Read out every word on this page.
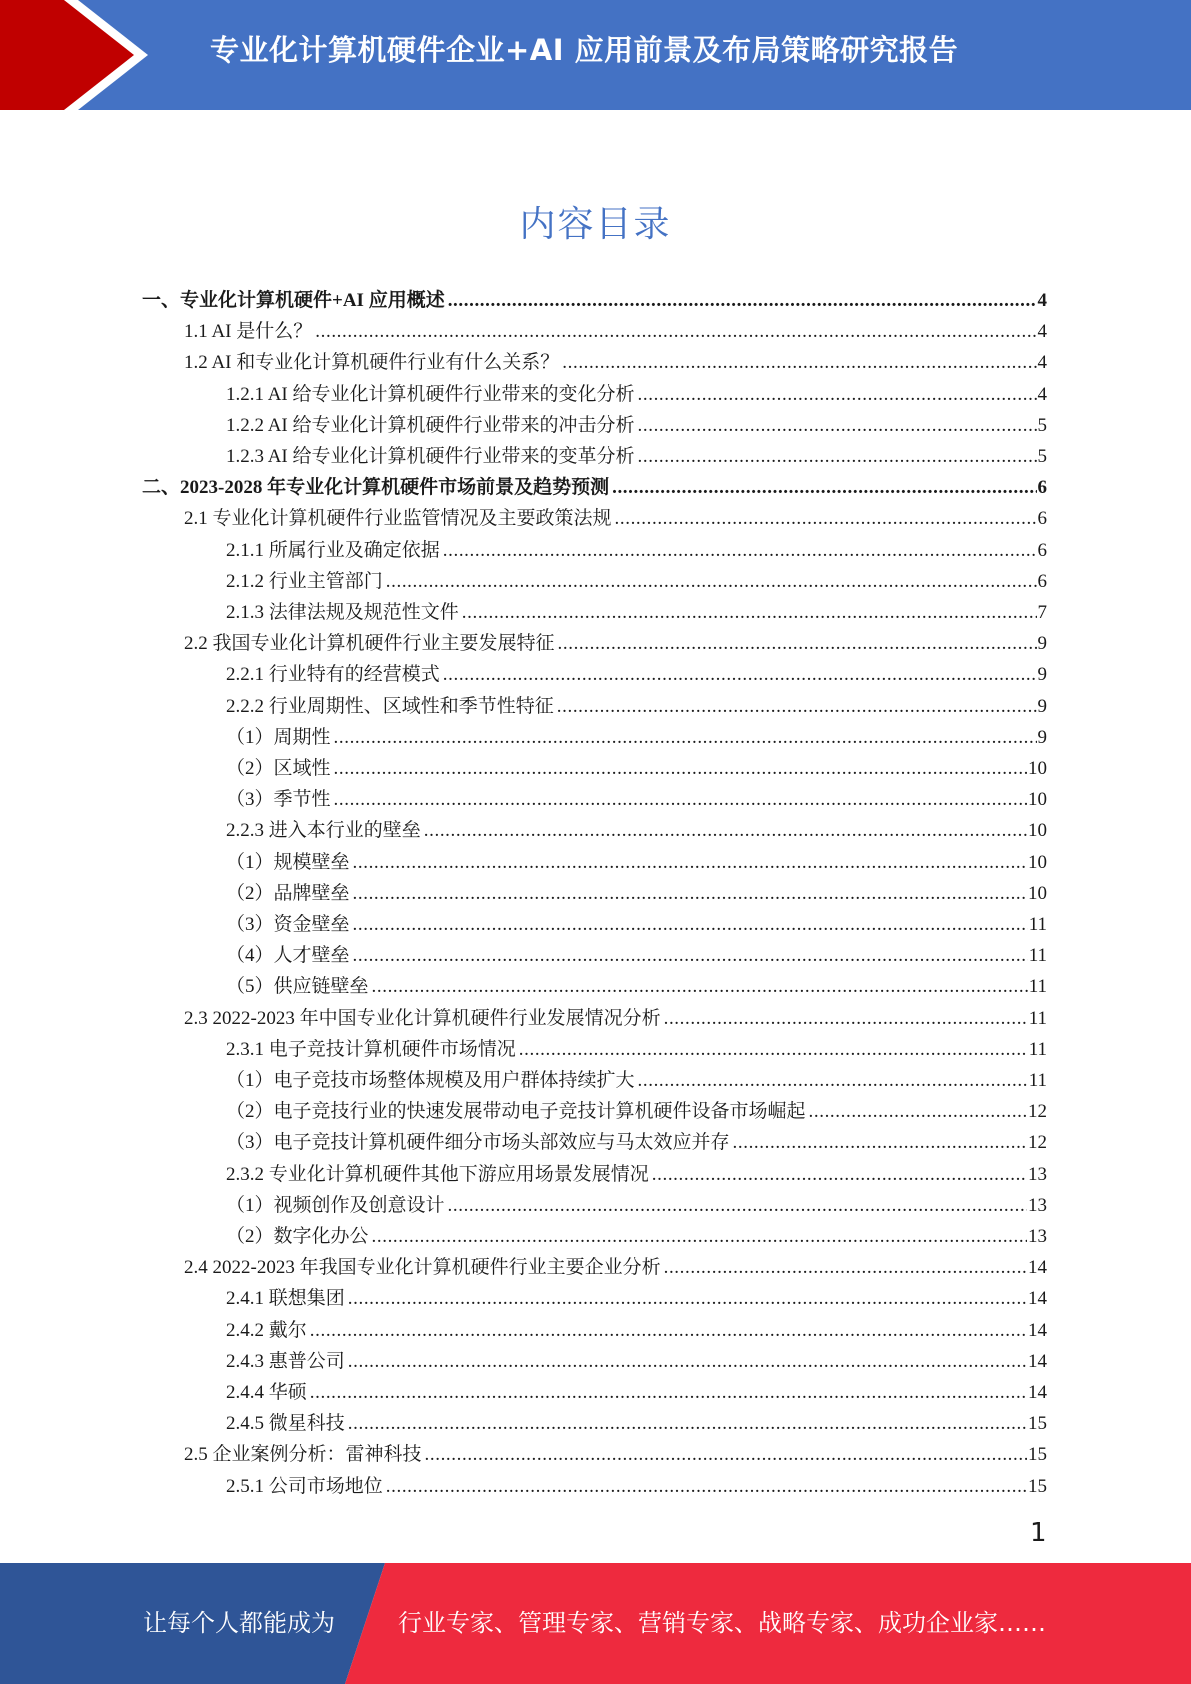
专业化计算机硬件企业+AI 应用前景及布局策略研究报告
内容目录
一、专业化计算机硬件+AI 应用概述 .....	4
1.1 AI 是什么？ .....	4
1.2 AI 和专业化计算机硬件行业有什么关系？ .....	4
1.2.1 AI 给专业化计算机硬件行业带来的变化分析 .....	4
1.2.2 AI 给专业化计算机硬件行业带来的冲击分析 .....	5
1.2.3 AI 给专业化计算机硬件行业带来的变革分析 .....	5
二、2023-2028 年专业化计算机硬件市场前景及趋势预测 .....	6
2.1 专业化计算机硬件行业监管情况及主要政策法规 .....	6
2.1.1 所属行业及确定依据 .....	6
2.1.2 行业主管部门 .....	6
2.1.3 法律法规及规范性文件 .....	7
2.2 我国专业化计算机硬件行业主要发展特征 .....	9
2.2.1 行业特有的经营模式 .....	9
2.2.2 行业周期性、区域性和季节性特征 .....	9
（1）周期性 .....	9
（2）区域性 .....	10
（3）季节性 .....	10
2.2.3 进入本行业的壁垒 .....	10
（1）规模壁垒 .....	10
（2）品牌壁垒 .....	10
（3）资金壁垒 .....	11
（4）人才壁垒 .....	11
（5）供应链壁垒 .....	11
2.3 2022-2023 年中国专业化计算机硬件行业发展情况分析 .....	11
2.3.1 电子竞技计算机硬件市场情况 .....	11
（1）电子竞技市场整体规模及用户群体持续扩大 .....	11
（2）电子竞技行业的快速发展带动电子竞技计算机硬件设备市场崛起 .....	12
（3）电子竞技计算机硬件细分市场头部效应与马太效应并存 .....	12
2.3.2 专业化计算机硬件其他下游应用场景发展情况 .....	13
（1）视频创作及创意设计 .....	13
（2）数字化办公 .....	13
2.4 2022-2023 年我国专业化计算机硬件行业主要企业分析 .....	14
2.4.1 联想集团 .....	14
2.4.2 戴尔 .....	14
2.4.3 惠普公司 .....	14
2.4.4 华硕 .....	14
2.4.5 微星科技 .....	15
2.5 企业案例分析：雷神科技 .....	15
2.5.1 公司市场地位 .....	15
1
让每个人都能成为	行业专家、管理专家、营销专家、战略专家、成功企业家……
